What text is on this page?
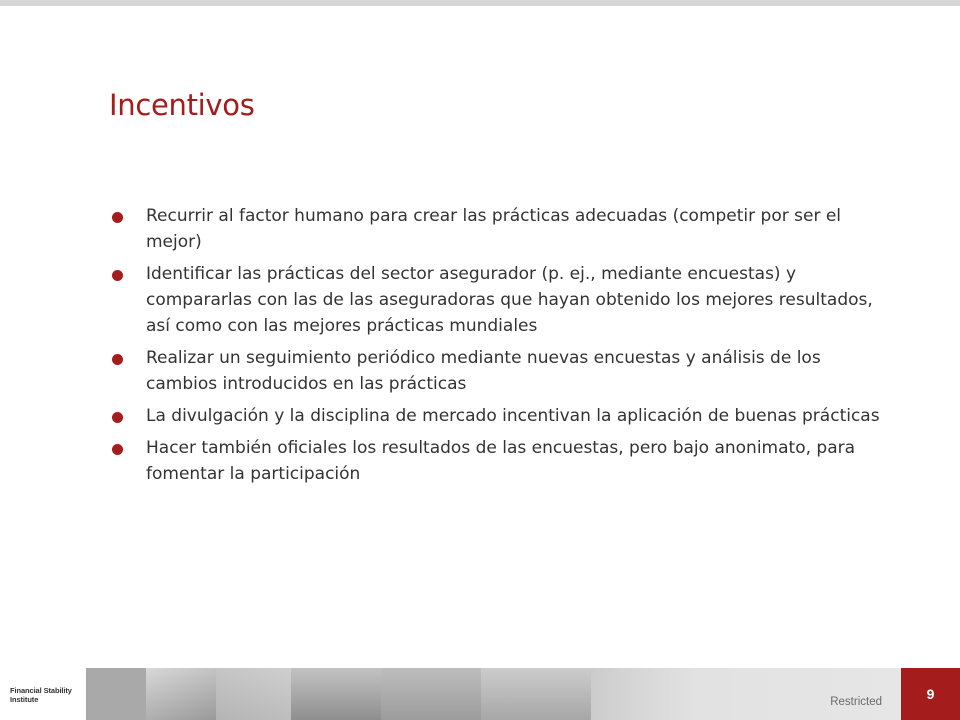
Incentivos
Recurrir al factor humano para crear las prácticas adecuadas (competir por ser el mejor)
Identificar las prácticas del sector asegurador (p. ej., mediante encuestas) y compararlas con las de las aseguradoras que hayan obtenido los mejores resultados, así como con las mejores prácticas mundiales
Realizar un seguimiento periódico mediante nuevas encuestas y análisis de los cambios introducidos en las prácticas
La divulgación y la disciplina de mercado incentivan la aplicación de buenas prácticas
Hacer también oficiales los resultados de las encuestas, pero bajo anonimato, para fomentar la participación
Financial Stability
Institute	Restricted	9
